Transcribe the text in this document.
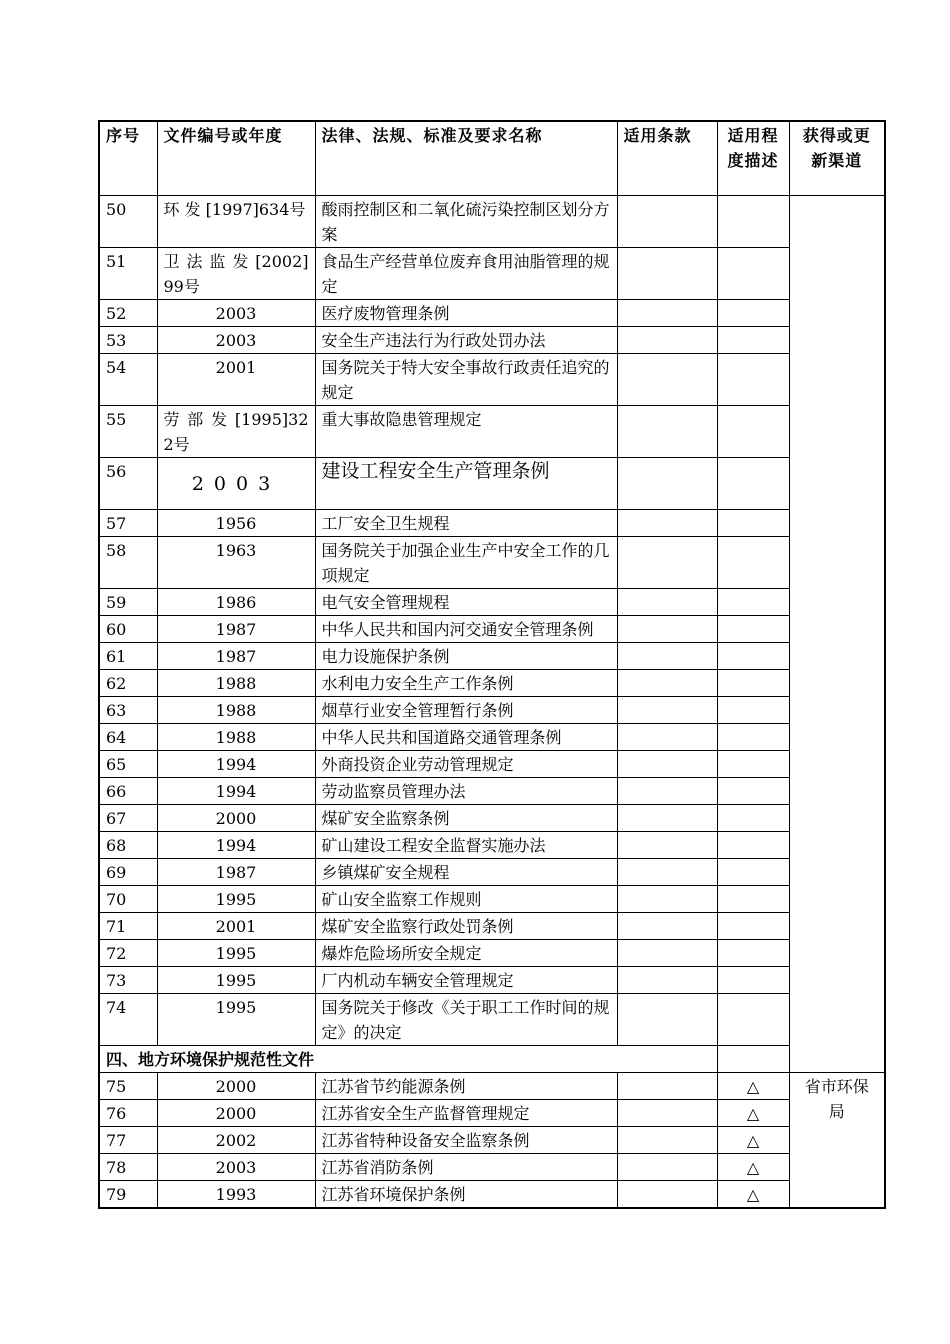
序号	文件编号或年度	法律、法规、标准及要求名称	适用条款	适用程度描述	获得或更新渠道
50	环 发 [1997]634号	酸雨控制区和二氧化硫污染控制区划分方案			
51	卫 法 监 发 [2002]99号	食品生产经营单位废弃食用油脂管理的规定			
52	2003	医疗废物管理条例			
53	2003	安全生产违法行为行政处罚办法			
54	2001	国务院关于特大安全事故行政责任追究的规定			
55	劳 部 发 [1995]322号	重大事故隐患管理规定			
56	2003	建设工程安全生产管理条例			
57	1956	工厂安全卫生规程			
58	1963	国务院关于加强企业生产中安全工作的几项规定			
59	1986	电气安全管理规程			
60	1987	中华人民共和国内河交通安全管理条例			
61	1987	电力设施保护条例			
62	1988	水利电力安全生产工作条例			
63	1988	烟草行业安全管理暂行条例			
64	1988	中华人民共和国道路交通管理条例			
65	1994	外商投资企业劳动管理规定			
66	1994	劳动监察员管理办法			
67	2000	煤矿安全监察条例			
68	1994	矿山建设工程安全监督实施办法			
69	1987	乡镇煤矿安全规程			
70	1995	矿山安全监察工作规则			
71	2001	煤矿安全监察行政处罚条例			
72	1995	爆炸危险场所安全规定			
73	1995	厂内机动车辆安全管理规定			
74	1995	国务院关于修改《关于职工工作时间的规定》的决定			
四、地方环境保护规范性文件					
75	2000	江苏省节约能源条例		△	省市环保局
76	2000	江苏省安全生产监督管理规定		△	
77	2002	江苏省特种设备安全监察条例		△	
78	2003	江苏省消防条例		△	
79	1993	江苏省环境保护条例		△	
